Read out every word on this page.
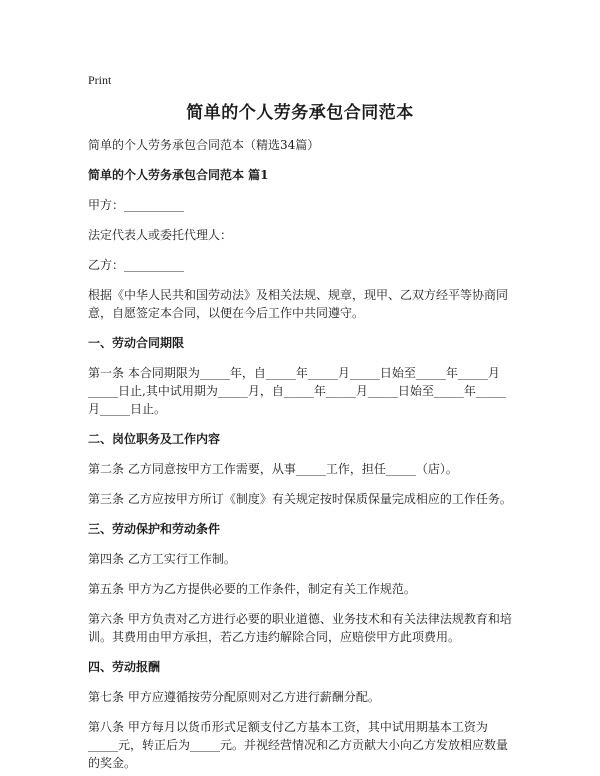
Print
简单的个人劳务承包合同范本

简单的个人劳务承包合同范本（精选34篇）

简单的个人劳务承包合同范本 篇1

甲方：__________

法定代表人或委托代理人：

乙方：__________

根据《中华人民共和国劳动法》及相关法规、规章，现甲、乙双方经平等协商同意，自愿签定本合同，以便在今后工作中共同遵守。

一、劳动合同期限

第一条 本合同期限为_____年，自_____年_____月_____日始至_____年_____月_____日止,其中试用期为_____月，自_____年_____月_____日始至_____年_____月_____日止。

二、岗位职务及工作内容

第二条 乙方同意按甲方工作需要，从事_____工作，担任_____（店）。

第三条 乙方应按甲方所订《制度》有关规定按时保质保量完成相应的工作任务。

三、劳动保护和劳动条件

第四条 乙方工实行工作制。

第五条 甲方为乙方提供必要的工作条件，制定有关工作规范。

第六条 甲方负责对乙方进行必要的职业道德、业务技术和有关法律法规教育和培训。其费用由甲方承担，若乙方违约解除合同，应赔偿甲方此项费用。

四、劳动报酬

第七条 甲方应遵循按劳分配原则对乙方进行薪酬分配。

第八条 甲方每月以货币形式足额支付乙方基本工资，其中试用期基本工资为_____元，转正后为_____元。并视经营情况和乙方贡献大小向乙方发放相应数量的奖金。
